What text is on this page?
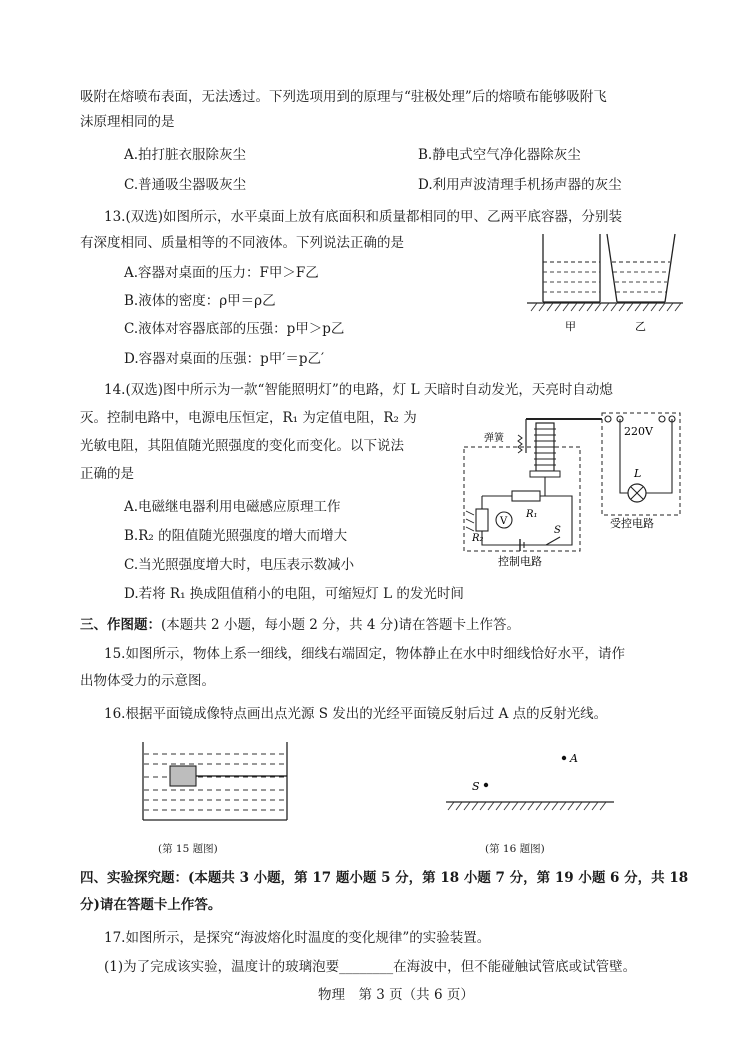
吸附在熔喷布表面，无法透过。下列选项用到的原理与“驻极处理”后的熔喷布能够吸附飞
沫原理相同的是
A.拍打脏衣服除灰尘	B.静电式空气净化器除灰尘
C.普通吸尘器吸灰尘	D.利用声波清理手机扬声器的灰尘
13.(双选)如图所示，水平桌面上放有底面积和质量都相同的甲、乙两平底容器，分别装
有深度相同、质量相等的不同液体。下列说法正确的是
A.容器对桌面的压力：F甲＞F乙
B.液体的密度：ρ甲＝ρ乙
C.液体对容器底部的压强：p甲＞p乙
D.容器对桌面的压强：p甲′＝p乙′
甲	乙
14.(双选)图中所示为一款“智能照明灯”的电路，灯 L 天暗时自动发光，天亮时自动熄
灭。控制电路中，电源电压恒定，R₁ 为定值电阻，R₂ 为
光敏电阻，其阻值随光照强度的变化而变化。以下说法
正确的是
A.电磁继电器利用电磁感应原理工作
B.R₂ 的阻值随光照强度的增大而增大
C.当光照强度增大时，电压表示数减小
D.若将 R₁ 换成阻值稍小的电阻，可缩短灯 L 的发光时间
弹簧
220V
L
受控电路
R₁
R₂
V
S
控制电路
三、作图题：(本题共 2 小题，每小题 2 分，共 4 分)请在答题卡上作答。
15.如图所示，物体上系一细线，细线右端固定，物体静止在水中时细线恰好水平，请作
出物体受力的示意图。
16.根据平面镜成像特点画出点光源 S 发出的光经平面镜反射后过 A 点的反射光线。
A
S
(第 15 题图)	(第 16 题图)
四、实验探究题：(本题共 3 小题，第 17 题小题 5 分，第 18 小题 7 分，第 19 小题 6 分，共 18
分)请在答题卡上作答。
17.如图所示，是探究“海波熔化时温度的变化规律”的实验装置。
(1)为了完成该实验，温度计的玻璃泡要________在海波中，但不能碰触试管底或试管壁。
物理　第 3 页（共 6 页）
